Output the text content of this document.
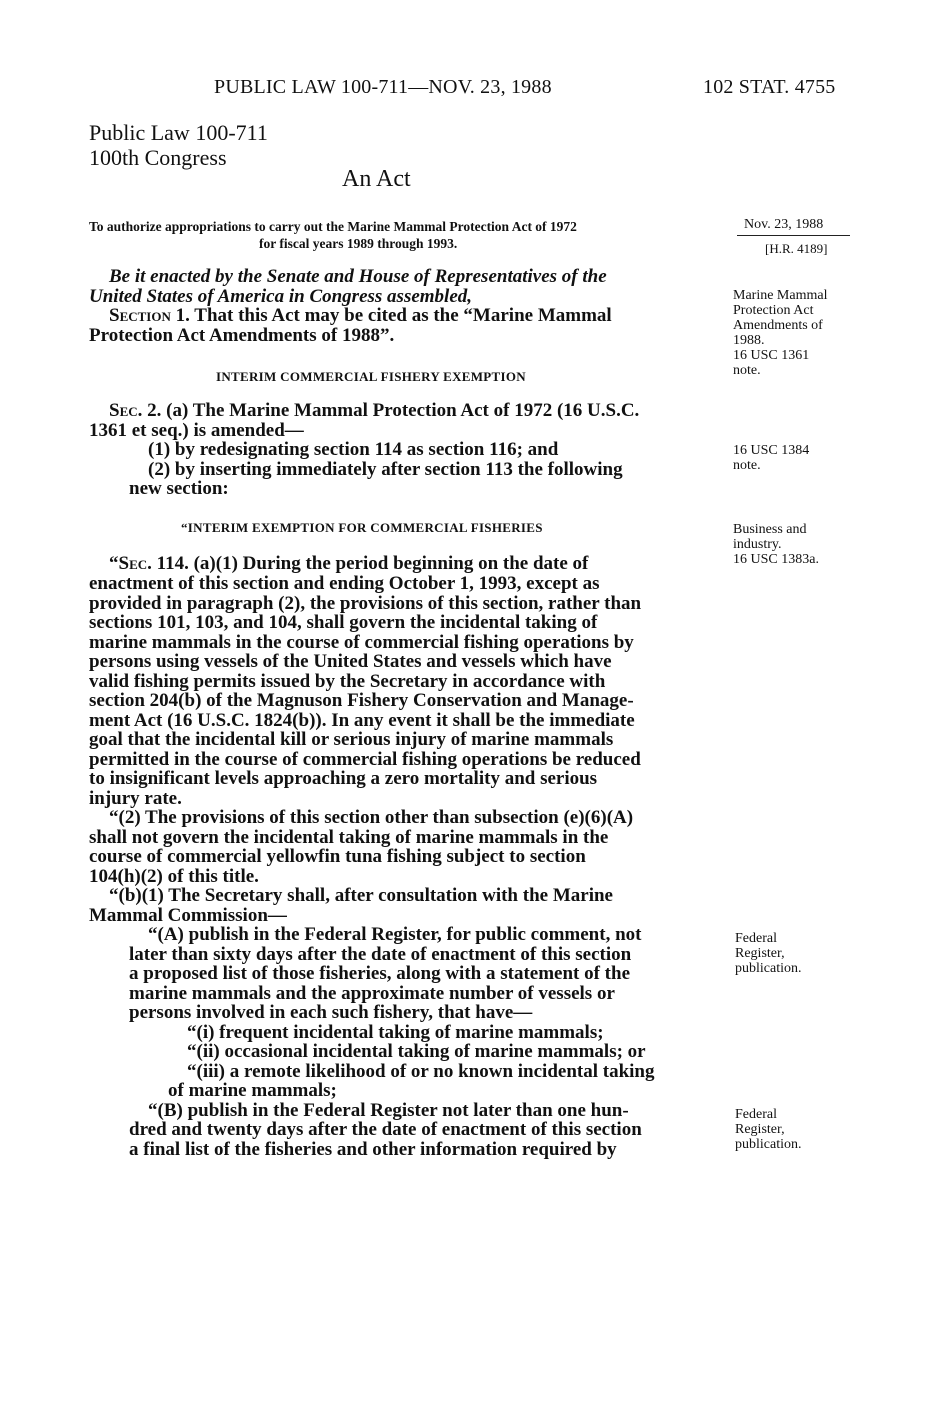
PUBLIC LAW 100-711—NOV. 23, 1988	102 STAT. 4755
Public Law 100-711
100th Congress
An Act
To authorize appropriations to carry out the Marine Mammal Protection Act of 1972
for fiscal years 1989 through 1993.
Nov. 23, 1988
[H.R. 4189]
Be it enacted by the Senate and House of Representatives of the
United States of America in Congress assembled,
Section 1. That this Act may be cited as the “Marine Mammal
Protection Act Amendments of 1988”.
Marine Mammal
Protection Act
Amendments of
1988.
16 USC 1361
note.
INTERIM COMMERCIAL FISHERY EXEMPTION
Sec. 2. (a) The Marine Mammal Protection Act of 1972 (16 U.S.C.
1361 et seq.) is amended—
(1) by redesignating section 114 as section 116; and
(2) by inserting immediately after section 113 the following
new section:
16 USC 1384
note.
“INTERIM EXEMPTION FOR COMMERCIAL FISHERIES	Business and
industry.
16 USC 1383a.
“Sec. 114. (a)(1) During the period beginning on the date of
enactment of this section and ending October 1, 1993, except as
provided in paragraph (2), the provisions of this section, rather than
sections 101, 103, and 104, shall govern the incidental taking of
marine mammals in the course of commercial fishing operations by
persons using vessels of the United States and vessels which have
valid fishing permits issued by the Secretary in accordance with
section 204(b) of the Magnuson Fishery Conservation and Manage-
ment Act (16 U.S.C. 1824(b)). In any event it shall be the immediate
goal that the incidental kill or serious injury of marine mammals
permitted in the course of commercial fishing operations be reduced
to insignificant levels approaching a zero mortality and serious
injury rate.
“(2) The provisions of this section other than subsection (e)(6)(A)
shall not govern the incidental taking of marine mammals in the
course of commercial yellowfin tuna fishing subject to section
104(h)(2) of this title.
“(b)(1) The Secretary shall, after consultation with the Marine
Mammal Commission—
“(A) publish in the Federal Register, for public comment, not
later than sixty days after the date of enactment of this section
a proposed list of those fisheries, along with a statement of the
marine mammals and the approximate number of vessels or
persons involved in each such fishery, that have—
“(i) frequent incidental taking of marine mammals;
“(ii) occasional incidental taking of marine mammals; or
“(iii) a remote likelihood of or no known incidental taking
of marine mammals;
“(B) publish in the Federal Register not later than one hun-
dred and twenty days after the date of enactment of this section
a final list of the fisheries and other information required by
Federal
Register,
publication.
Federal
Register,
publication.
